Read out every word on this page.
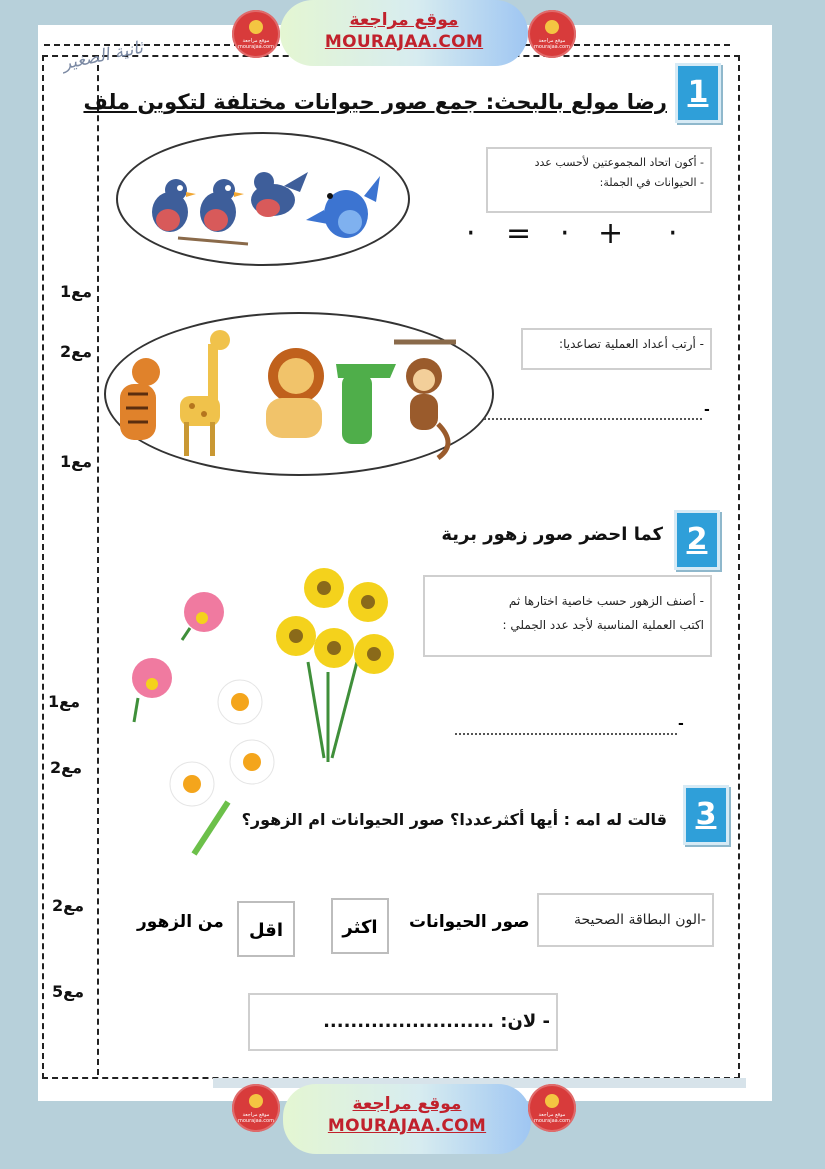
موقع مراجعة mourajaa.com
موقع مراجعة
MOURAJAA.COM	موقع مراجعة mourajaa.com
ثانية الصغير
1
رضا مولع بالبحث: جمع صور حيوانات مختلفة لتكوين ملف
- أكون اتحاد المجموعتين لأحسب عدد
- الحيوانات في الجملة:
· = · + ·
- أرتب أعداد العملية تصاعديا:
-
2
كما احضر صور زهور برية
- أصنف الزهور حسب خاصية اختارها ثم
اكتب العملية المناسبة لأجد عدد الجملي :
-
3
قالت له امه : أيها أكثرعددا؟ صور الحيوانات ام الزهور؟
-الون البطاقة الصحيحة
صور الحيوانات
اكثر
اقل
من الزهور
- لان: .........................
مع1
مع2
مع1
مع1
مع2
مع2
مع5
موقع مراجعة mourajaa.com
موقع مراجعة
MOURAJAA.COM
موقع مراجعة mourajaa.com
